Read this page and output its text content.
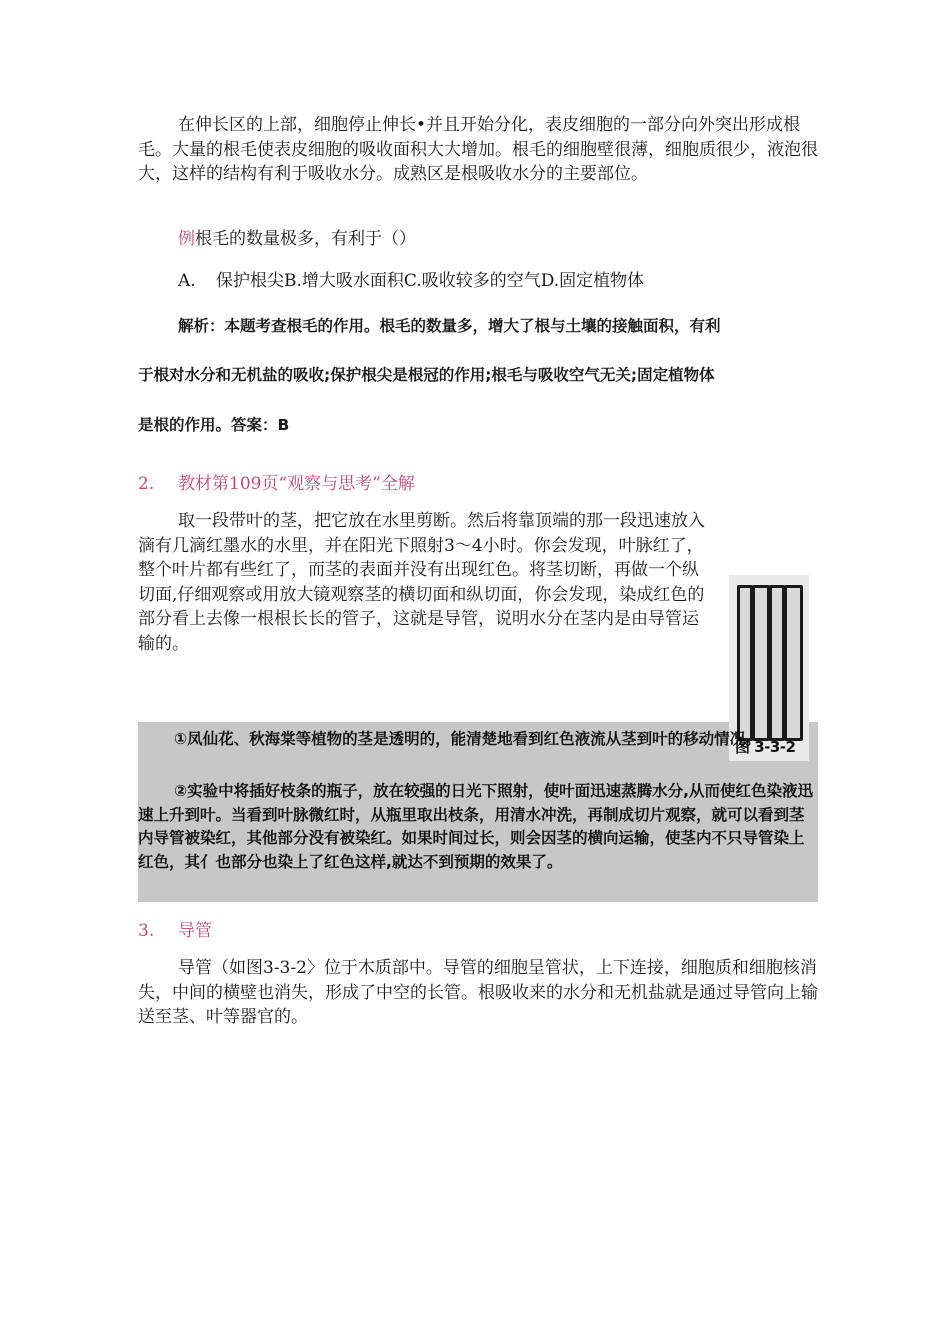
在伸长区的上部，细胞停止伸长•并且开始分化，表皮细胞的一部分向外突出形成根毛。大量的根毛使表皮细胞的吸收面积大大增加。根毛的细胞壁很薄，细胞质很少，液泡很大，这样的结构有利于吸收水分。成熟区是根吸收水分的主要部位。
例根毛的数量极多，有利于（）
A. 保护根尖B.增大吸水面积C.吸收较多的空气D.固定植物体
解析：本题考查根毛的作用。根毛的数量多，增大了根与土壤的接触面积，有利
于根对水分和无机盐的吸收;保护根尖是根冠的作用;根毛与吸收空气无关;固定植物体
是根的作用。答案：B
2. 教材第109页“观察与思考”全解
取一段带叶的茎，把它放在水里剪断。然后将靠顶端的那一段迅速放入滴有几滴红墨水的水里，并在阳光下照射3〜4小时。你会发现，叶脉红了，整个叶片都有些红了，而茎的表面并没有出现红色。将茎切断，再做一个纵切面,仔细观察或用放大镜观察茎的横切面和纵切面，你会发现，染成红色的部分看上去像一根根长长的管子，这就是导管，说明水分在茎内是由导管运输的。
图 3-3-2
①凤仙花、秋海棠等植物的茎是透明的，能清楚地看到红色液流从茎到叶的移动情况。
②实验中将插好枝条的瓶子，放在较强的日光下照射，使叶面迅速蒸腾水分,从而使红色染液迅速上升到叶。当看到叶脉微红时，从瓶里取出枝条，用清水冲洗，再制成切片观察，就可以看到茎内导管被染红，其他部分没有被染红。如果时间过长，则会因茎的横向运输，使茎内不只导管染上红色，其亻也部分也染上了红色这样,就达不到预期的效果了。
3. 导管
导管（如图3-3-2〉位于木质部中。导管的细胞呈管状，上下连接，细胞质和细胞核消失，中间的横壁也消失，形成了中空的长管。根吸收来的水分和无机盐就是通过导管向上输送至茎、叶等器官的。
